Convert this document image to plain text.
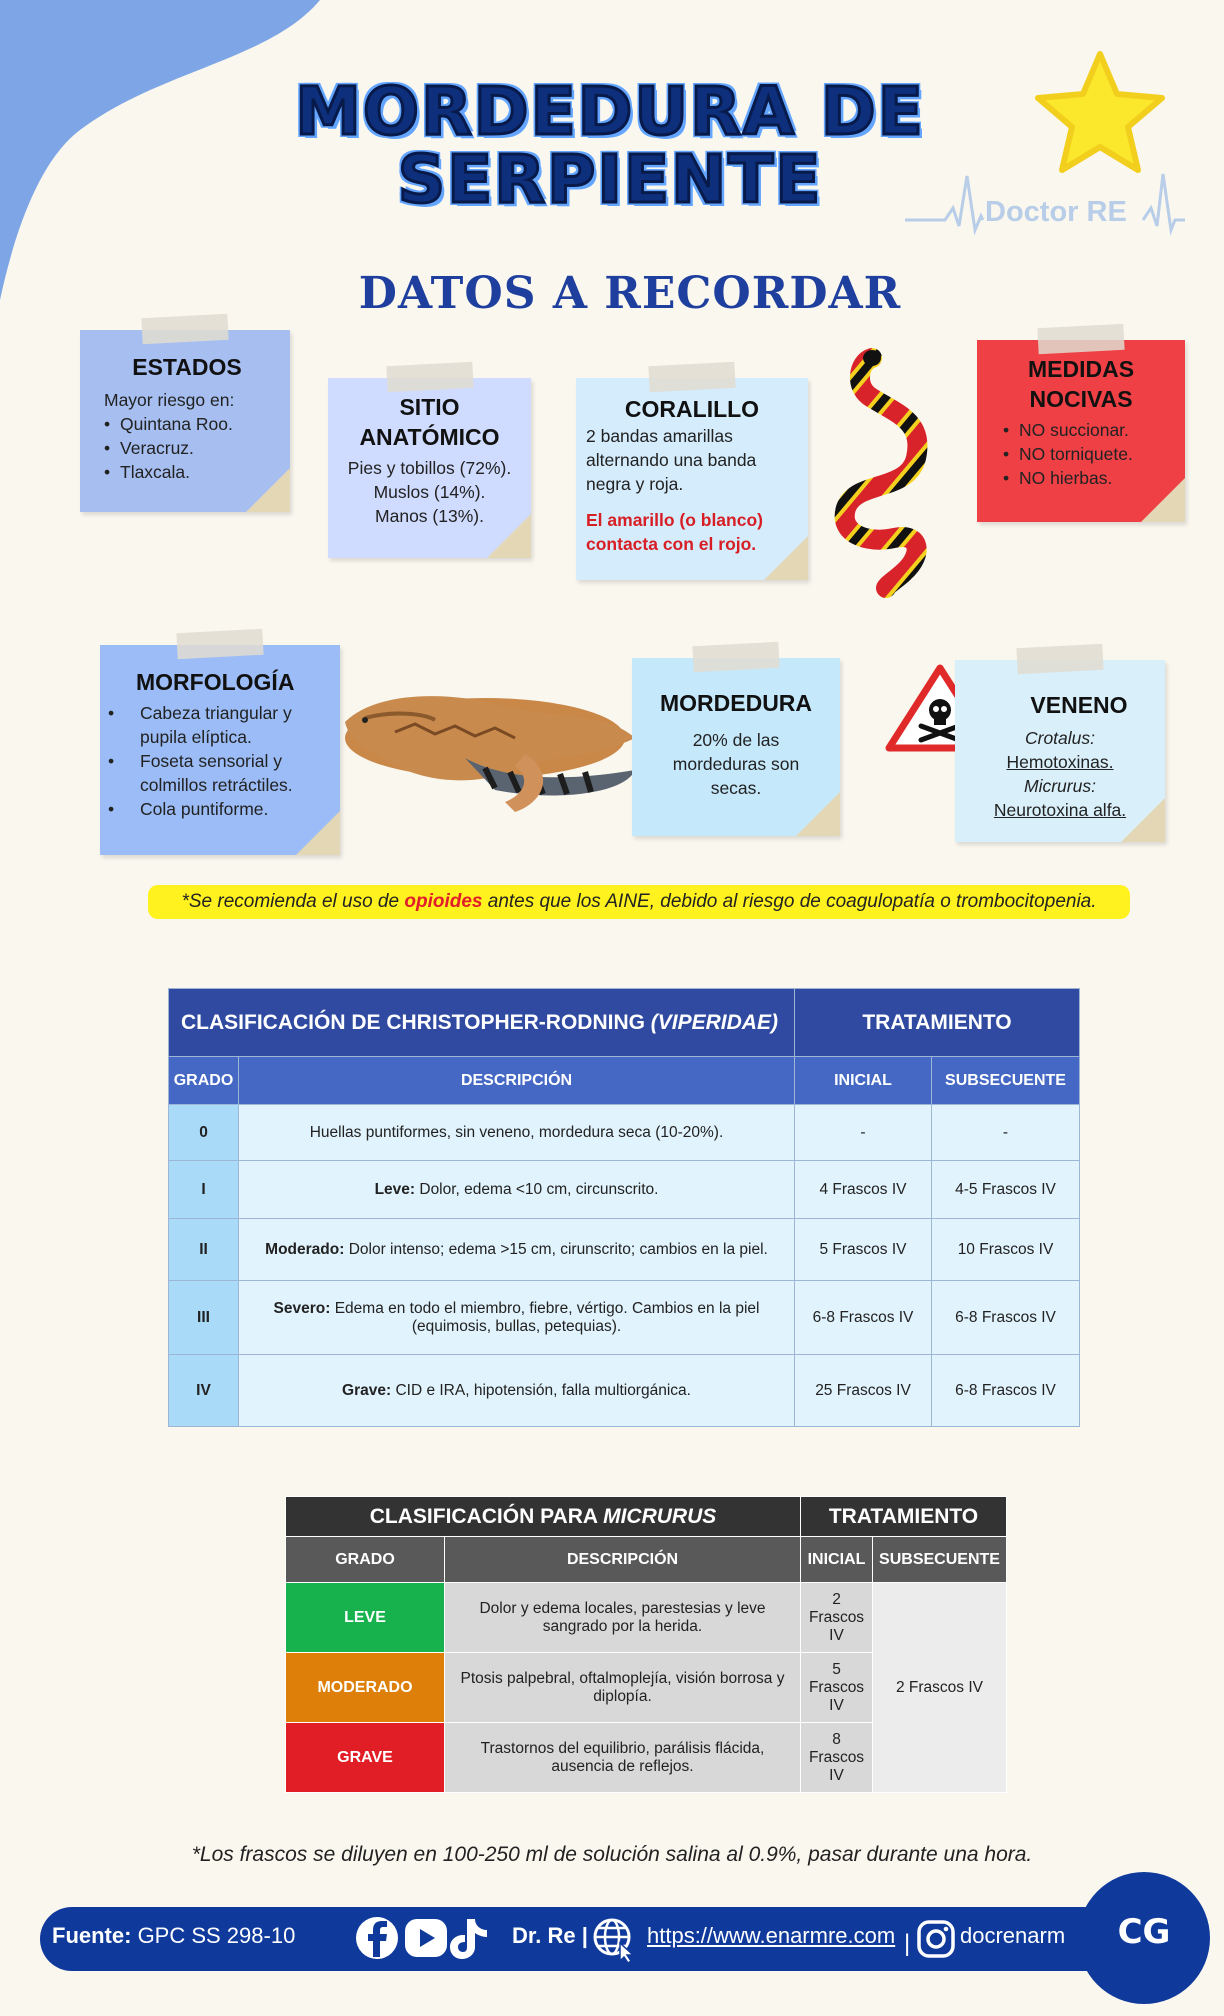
MORDEDURA DE
SERPIENTE
DATOS A RECORDAR
Doctor RE
ESTADOS

Mayor riesgo en:

• Quintana Roo.
• Veracruz.
• Tlaxcala.
SITIO
ANATÓMICO

Pies y tobillos (72%).

Muslos (14%).

Manos (13%).

CORALILLO

2 bandas amarillas alternando una banda negra y roja.

El amarillo (o blanco) contacta con el rojo.

MEDIDAS
NOCIVAS
• NO succionar.
• NO torniquete.
• NO hierbas.
MORFOLOGÍA
• Cabeza triangular y pupila elíptica.
• Foseta sensorial y colmillos retráctiles.
• Cola puntiforme.
MORDEDURA

20% de las mordeduras son secas.

VENENO

Crotalus:

Hemotoxinas.

Micrurus:

Neurotoxina alfa.

*Se recomienda el uso de opioides antes que los AINE, debido al riesgo de coagulopatía o trombocitopenia.
CLASIFICACIÓN DE CHRISTOPHER-RODNING (VIPERIDAE)		TRATAMIENTO	
GRADO	DESCRIPCIÓN	INICIAL	SUBSECUENTE
0	Huellas puntiformes, sin veneno, mordedura seca (10-20%).	-	-
I	Leve: Dolor, edema <10 cm, circunscrito.	4 Frascos IV	4-5 Frascos IV
II	Moderado: Dolor intenso; edema >15 cm, cirunscrito; cambios en la piel.	5 Frascos IV	10 Frascos IV
III	Severo: Edema en todo el miembro, fiebre, vértigo. Cambios en la piel (equimosis, bullas, petequias).	6-8 Frascos IV	6-8 Frascos IV
IV	Grave: CID e IRA, hipotensión, falla multiorgánica.	25 Frascos IV	6-8 Frascos IV
CLASIFICACIÓN PARA MICRURUS		TRATAMIENTO	
GRADO	DESCRIPCIÓN	INICIAL	SUBSECUENTE
LEVE	Dolor y edema locales, parestesias y leve sangrado por la herida.	2 Frascos IV	2 Frascos IV
MODERADO	Ptosis palpebral, oftalmoplejía, visión borrosa y diplopía.	5 Frascos IV	
GRAVE	Trastornos del equilibrio, parálisis flácida, ausencia de reflejos.	8 Frascos IV	
*Los frascos se diluyen en 100-250 ml de solución salina al 0.9%, pasar durante una hora.
Fuente: GPC SS 298-10	Dr. Re |	https://www.enarmre.com | docrenarm	CG
